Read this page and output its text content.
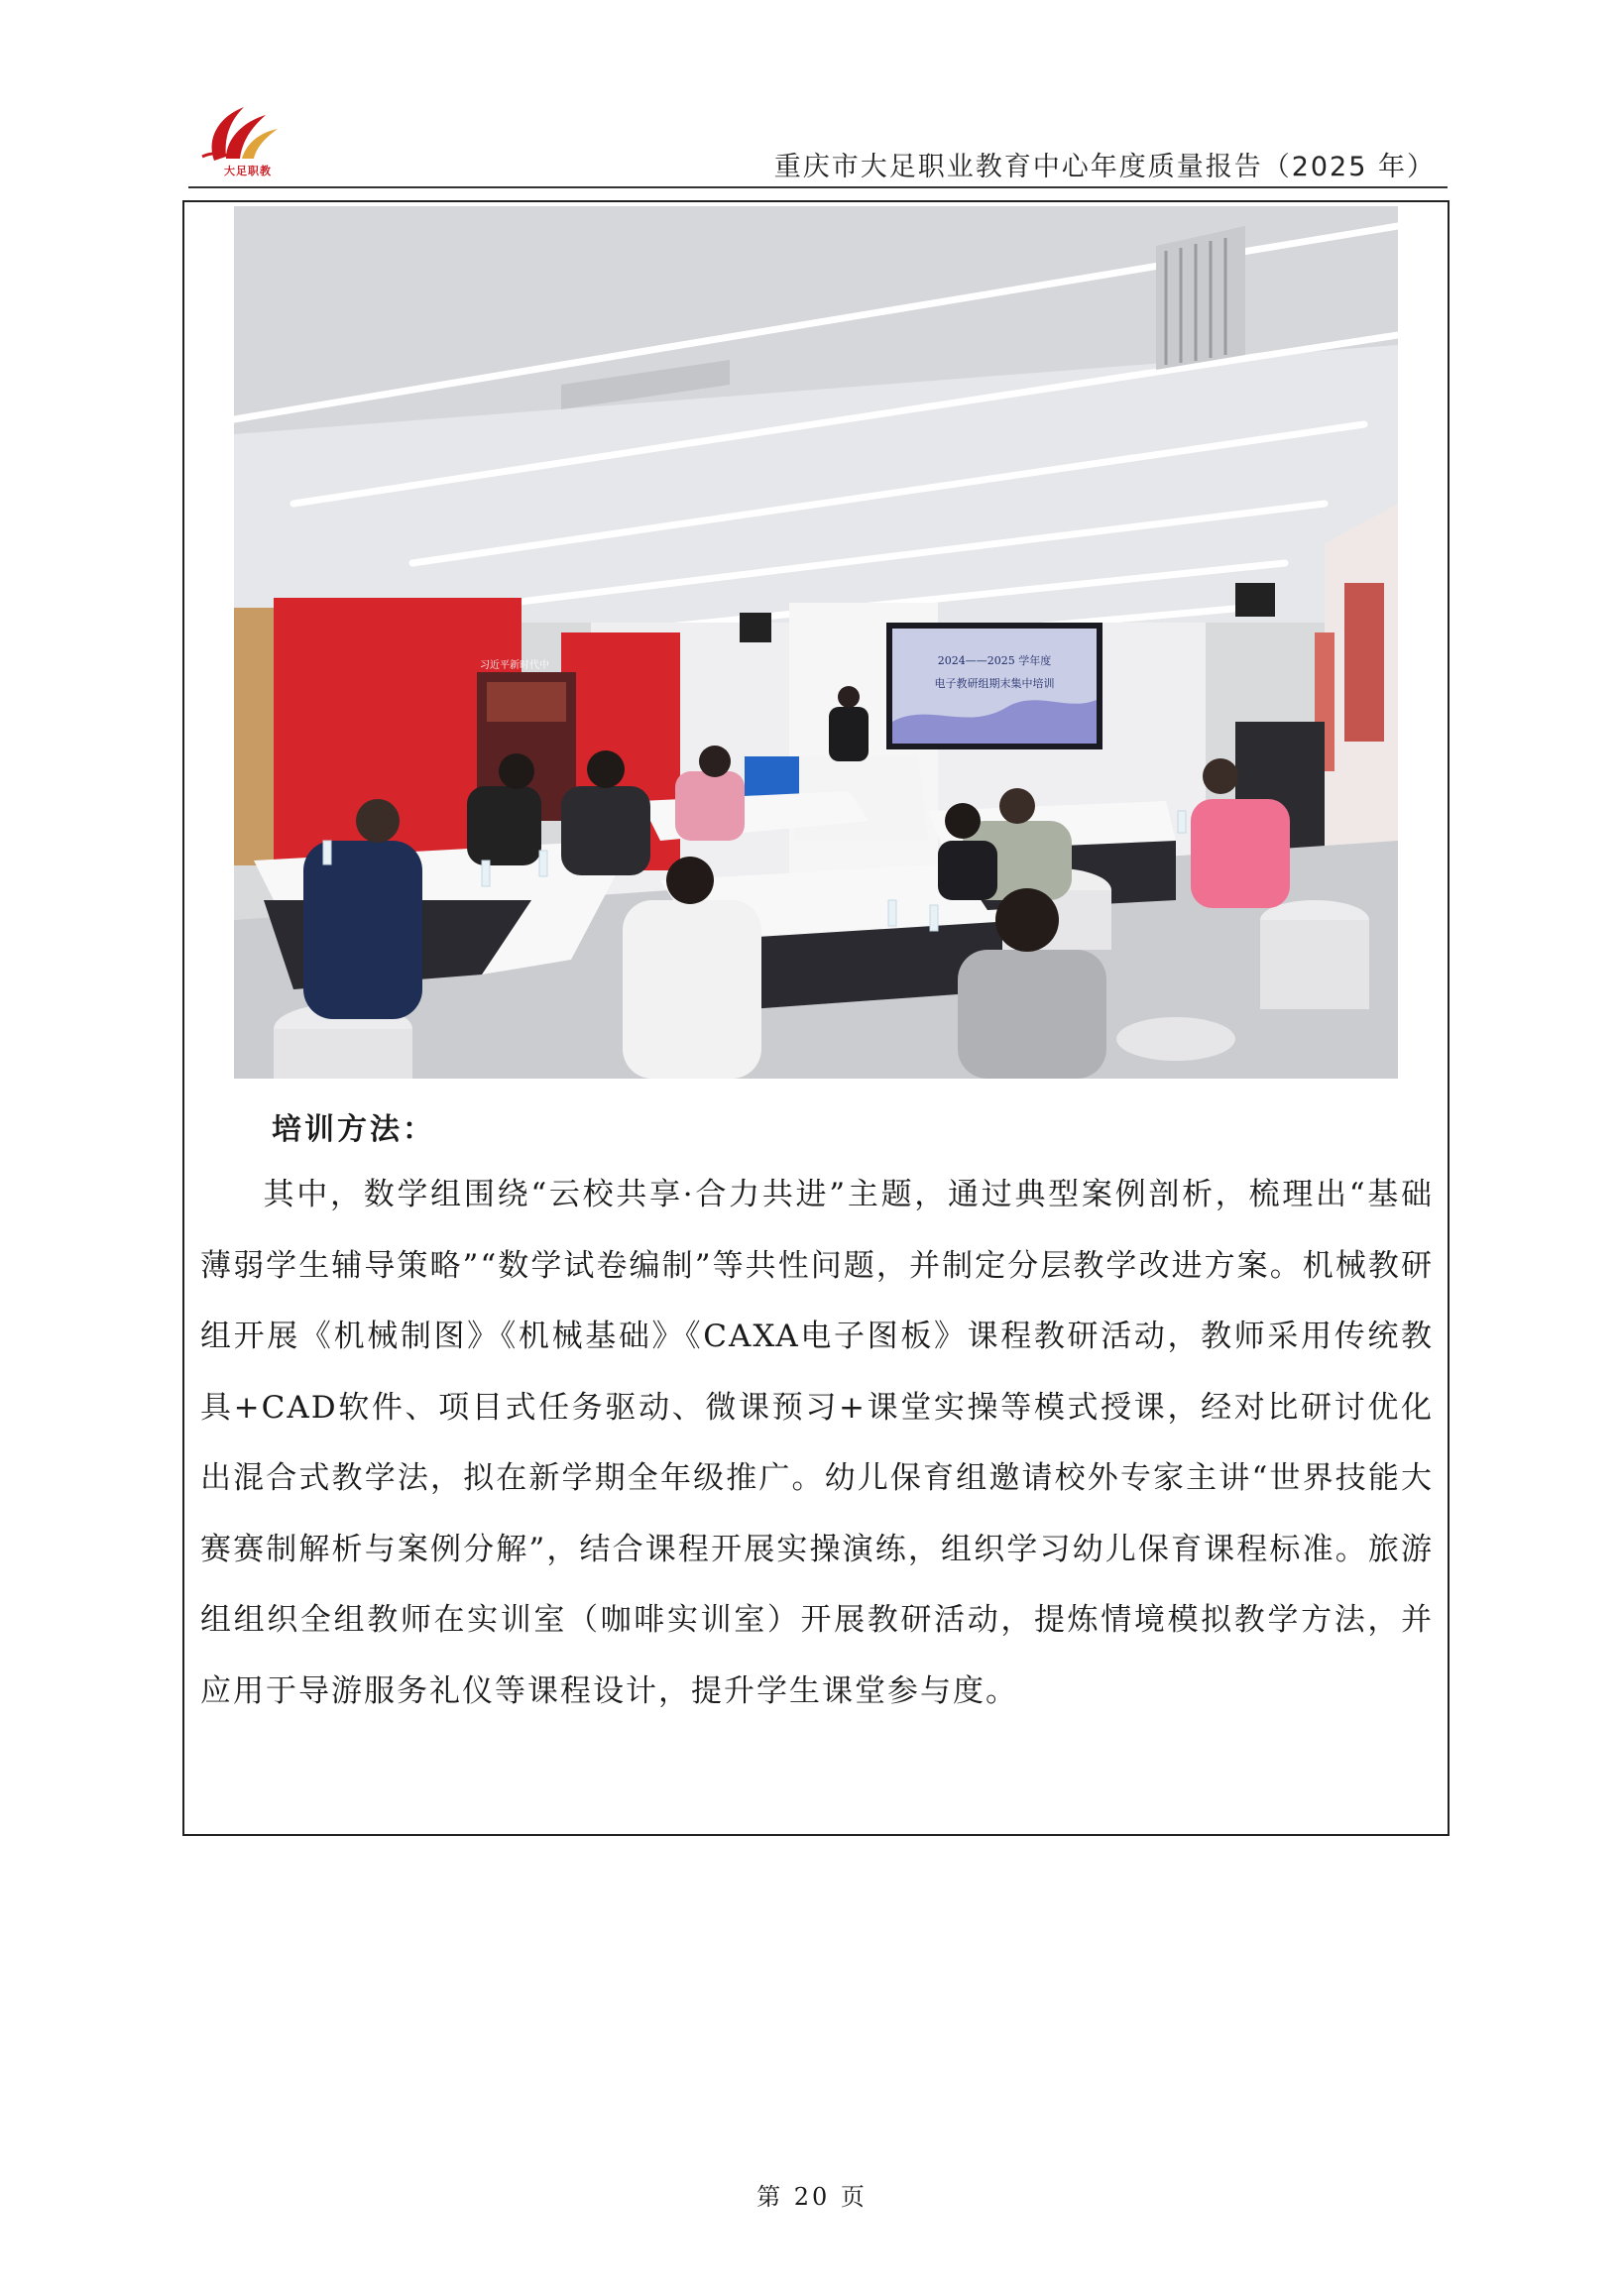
大足职教	重庆市大足职业教育中心年度质量报告（2025 年）
2024——2025 学年度
电子教研组期末集中培训
习近平新时代中
培训方法：

其中，数学组围绕“云校共享·合力共进”主题，通过典型案例剖析，梳理出“基础薄弱学生辅导策略”“数学试卷编制”等共性问题，并制定分层教学改进方案。机械教研组开展《机械制图》《机械基础》《CAXA电子图板》课程教研活动，教师采用传统教具+CAD软件、项目式任务驱动、微课预习+课堂实操等模式授课，经对比研讨优化出混合式教学法，拟在新学期全年级推广。幼儿保育组邀请校外专家主讲“世界技能大赛赛制解析与案例分解”，结合课程开展实操演练，组织学习幼儿保育课程标准。旅游组组织全组教师在实训室（咖啡实训室）开展教研活动，提炼情境模拟教学方法，并应用于导游服务礼仪等课程设计，提升学生课堂参与度。

第 20 页
